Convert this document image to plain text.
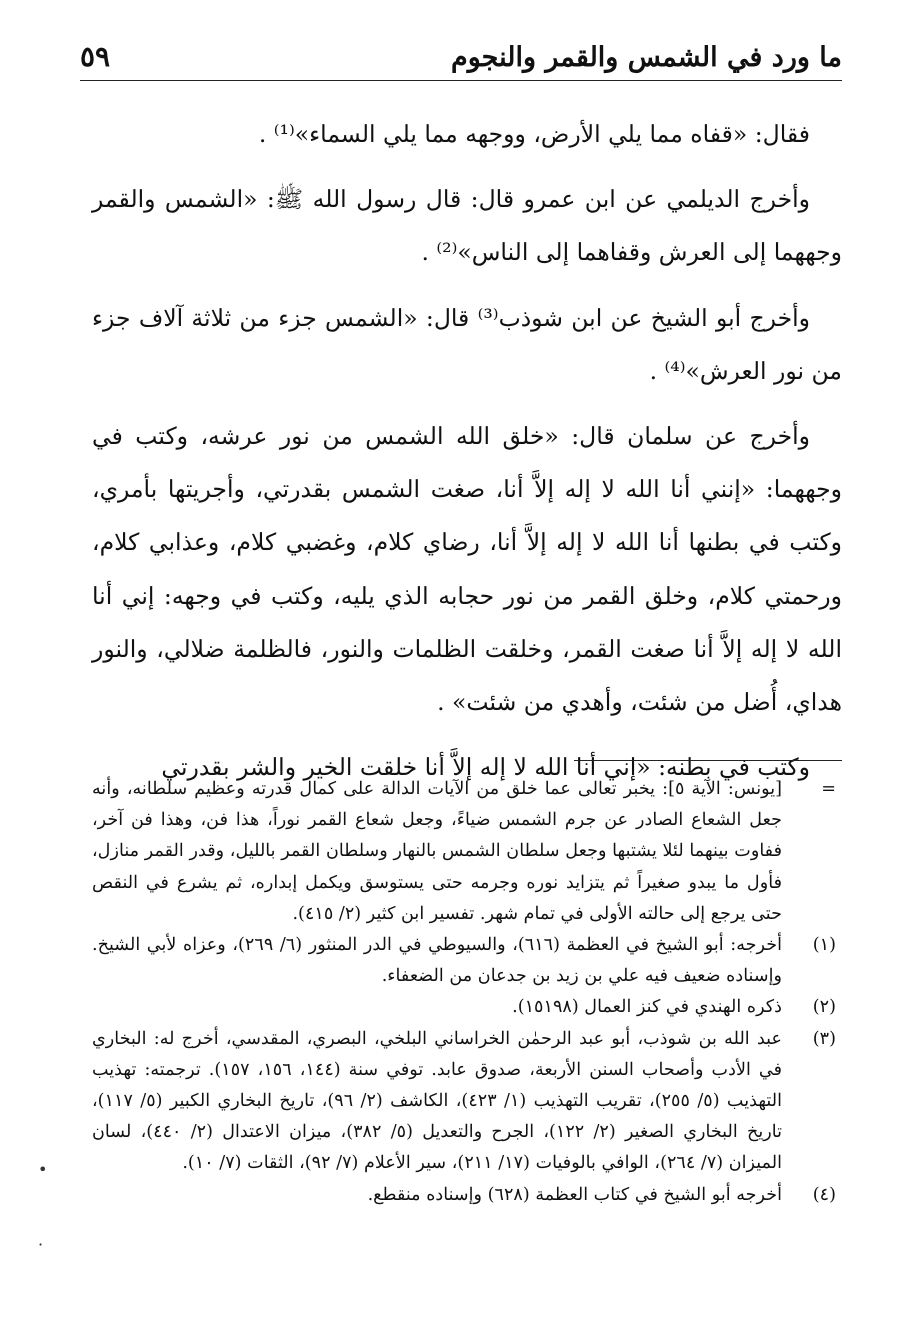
ما ورد في الشمس والقمر والنجوم
٥٩

فقال: «قفاه مما يلي الأرض، ووجهه مما يلي السماء»⁽¹⁾ .

وأخرج الديلمي عن ابن عمرو قال: قال رسول الله ﷺ: «الشمس والقمر وجههما إلى العرش وقفاهما إلى الناس»⁽²⁾ .

وأخرج أبو الشيخ عن ابن شوذب⁽³⁾ قال: «الشمس جزء من ثلاثة آلاف جزء من نور العرش»⁽⁴⁾ .

وأخرج عن سلمان قال: «خلق الله الشمس من نور عرشه، وكتب في وجههما: «إنني أنا الله لا إله إلاَّ أنا، صغت الشمس بقدرتي، وأجريتها بأمري، وكتب في بطنها أنا الله لا إله إلاَّ أنا، رضاي كلام، وغضبي كلام، وعذابي كلام، ورحمتي كلام، وخلق القمر من نور حجابه الذي يليه، وكتب في وجهه: إني أنا الله لا إله إلاَّ أنا صغت القمر، وخلقت الظلمات والنور، فالظلمة ضلالي، والنور هداي، أُضل من شئت، وأهدي من شئت» .

وكتب في بطنه: «إني أنا الله لا إله إلاَّ أنا خلقت الخير والشر بقدرتي

=
[يونس: الآية ٥]: يخبر تعالى عما خلق من الآيات الدالة على كمال قدرته وعظيم سلطانه، وأنه جعل الشعاع الصادر عن جرم الشمس ضياءً، وجعل شعاع القمر نوراً، هذا فن، وهذا فن آخر، ففاوت بينهما لئلا يشتبها وجعل سلطان الشمس بالنهار وسلطان القمر بالليل، وقدر القمر منازل، فأول ما يبدو صغيراً ثم يتزايد نوره وجرمه حتى يستوسق ويكمل إبداره، ثم يشرع في النقص حتى يرجع إلى حالته الأولى في تمام شهر. تفسير ابن كثير (٢/ ٤١٥).
(١)
أخرجه: أبو الشيخ في العظمة (٦١٦)، والسيوطي في الدر المنثور (٦/ ٢٦٩)، وعزاه لأبي الشيخ. وإسناده ضعيف فيه علي بن زيد بن جدعان من الضعفاء.
(٢)
ذكره الهندي في كنز العمال (١٥١٩٨).
(٣)
عبد الله بن شوذب، أبو عبد الرحمٰن الخراساني البلخي، البصري، المقدسي، أخرج له: البخاري في الأدب وأصحاب السنن الأربعة، صدوق عابد. توفي سنة (١٤٤، ١٥٦، ١٥٧). ترجمته: تهذيب التهذيب (٥/ ٢٥٥)، تقريب التهذيب (١/ ٤٢٣)، الكاشف (٢/ ٩٦)، تاريخ البخاري الكبير (٥/ ١١٧)، تاريخ البخاري الصغير (٢/ ١٢٢)، الجرح والتعديل (٥/ ٣٨٢)، ميزان الاعتدال (٢/ ٤٤٠)، لسان الميزان (٧/ ٢٦٤)، الوافي بالوفيات (١٧/ ٢١١)، سير الأعلام (٧/ ٩٢)، الثقات (٧/ ١٠).
(٤)
أخرجه أبو الشيخ في كتاب العظمة (٦٢٨) وإسناده منقطع.
•
·
